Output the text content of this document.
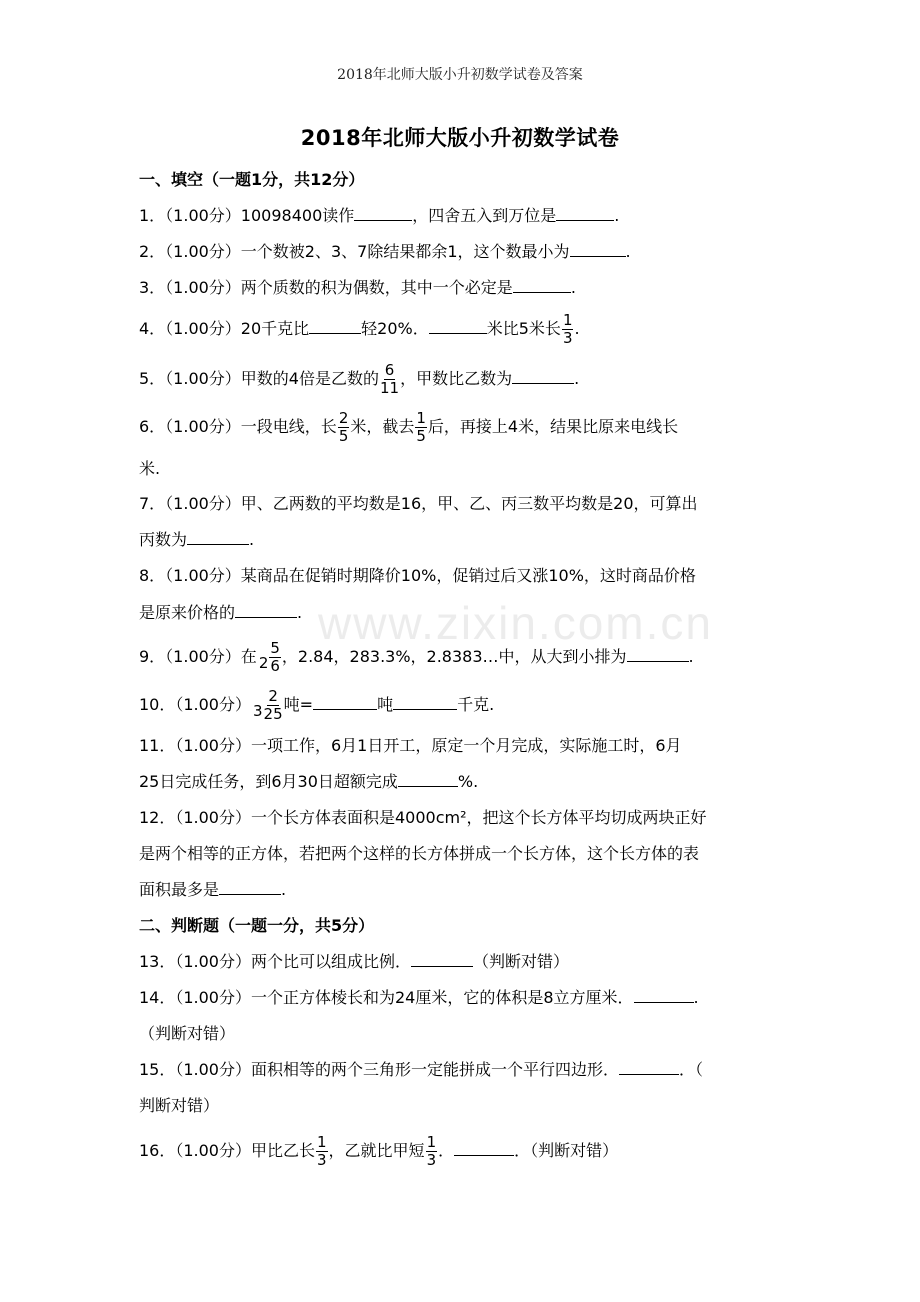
2018年北师大版小升初数学试卷及答案
2018年北师大版小升初数学试卷
www.zixin.com.cn
一、填空（一题1分，共12分）
1．（1.00分）10098400读作	，四舍五入到万位是	.
2．（1.00分）一个数被2、3、7除结果都余1，这个数最小为	.
3．（1.00分）两个质数的积为偶数，其中一个必定是	.
4．（1.00分）20千克比	轻20%．	米比5米长 $\frac{1}{3}$ .
5．（1.00分）甲数的4倍是乙数的 $\frac{6}{11}$ ，甲数比乙数为	.
6．（1.00分）一段电线，长 $\frac{2}{5}$ 米，截去 $\frac{1}{5}$ 后，再接上4米，结果比原来电线长
米.
7．（1.00分）甲、乙两数的平均数是16，甲、乙、丙三数平均数是20，可算出
丙数为	.
8．（1.00分）某商品在促销时期降价10%，促销过后又涨10%，这时商品价格
是原来价格的	.
9．（1.00分）在 $2 \frac{5}{6}$ ，2.84，283.3%，2.8383…中，从大到小排为	.
10．（1.00分） $3 \frac{2}{25}$ 吨=	吨	千克.
11．（1.00分）一项工作，6月1日开工，原定一个月完成，实际施工时，6月
25日完成任务，到6月30日超额完成	%.
12．（1.00分）一个长方体表面积是4000cm²，把这个长方体平均切成两块正好
是两个相等的正方体，若把两个这样的长方体拼成一个长方体，这个长方体的表
面积最多是	.
二、判断题（一题一分，共5分）
13．（1.00分）两个比可以组成比例．	（判断对错）
14．（1.00分）一个正方体棱长和为24厘米，它的体积是8立方厘米．	.
（判断对错）
15．（1.00分）面积相等的两个三角形一定能拼成一个平行四边形．	．（
判断对错）
16．（1.00分）甲比乙长 $\frac{1}{3}$ ，乙就比甲短 $\frac{1}{3}$ ．	．（判断对错）
